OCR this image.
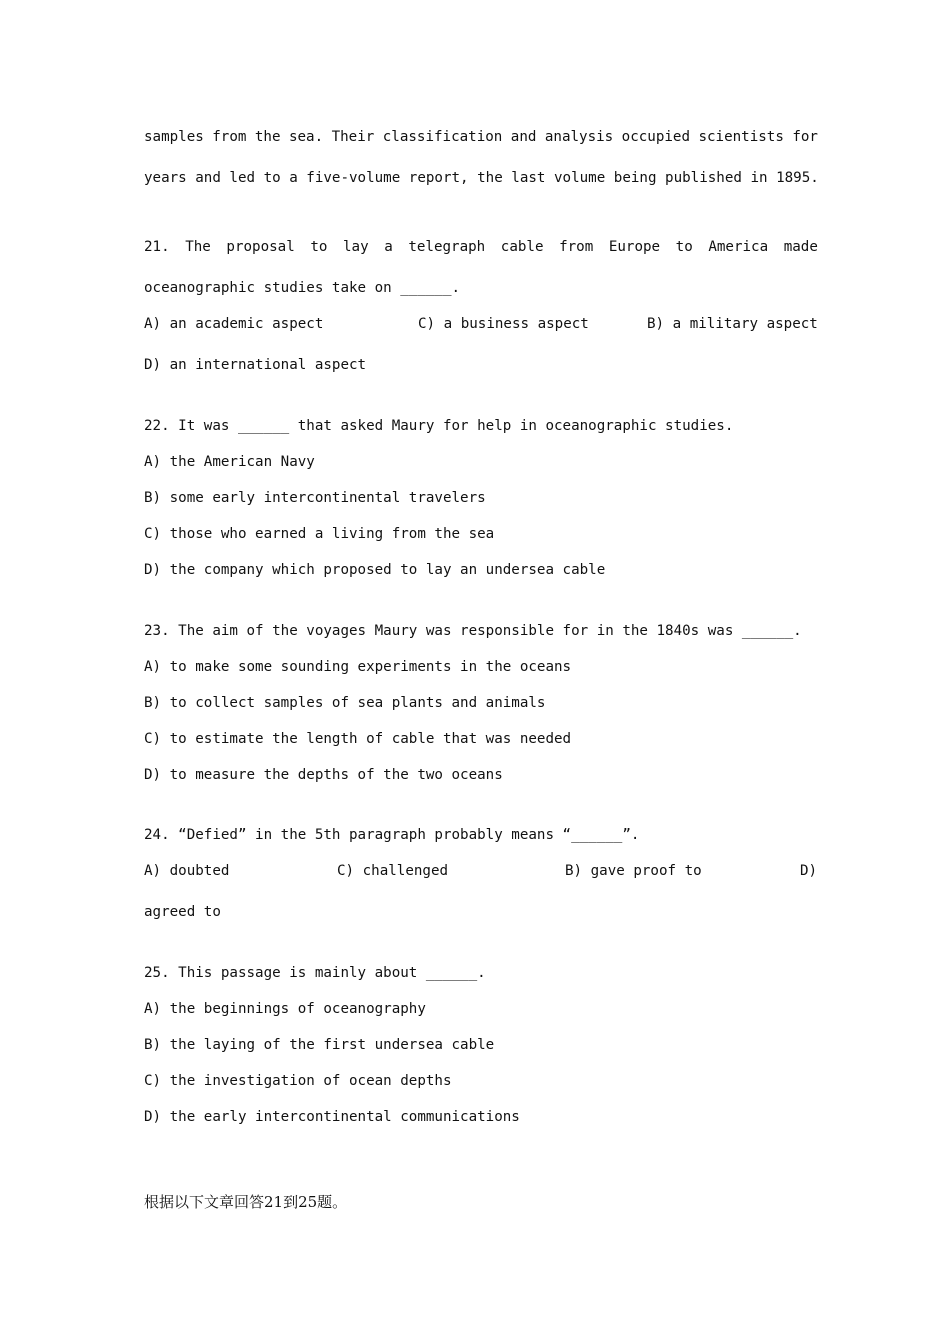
samples from the sea. Their classification and analysis occupied scientists for
years and led to a five-volume report, the last volume being published in 1895.
21. The proposal to lay a telegraph cable from Europe to America made
oceanographic studies take on ______.
A) an academic aspect	C) a business aspect	B) a military aspect
D) an international aspect
22. It was ______ that asked Maury for help in oceanographic studies.
A) the American Navy
B) some early intercontinental travelers
C) those who earned a living from the sea
D) the company which proposed to lay an undersea cable
23. The aim of the voyages Maury was responsible for in the 1840s was ______.
A) to make some sounding experiments in the oceans
B) to collect samples of sea plants and animals
C) to estimate the length of cable that was needed
D) to measure the depths of the two oceans
24. “Defied” in the 5th paragraph probably means “______”.
A) doubted	C) challenged	B) gave proof to	D)
agreed to
25. This passage is mainly about ______.
A) the beginnings of oceanography
B) the laying of the first undersea cable
C) the investigation of ocean depths
D) the early intercontinental communications
根据以下文章回答21到25题。
